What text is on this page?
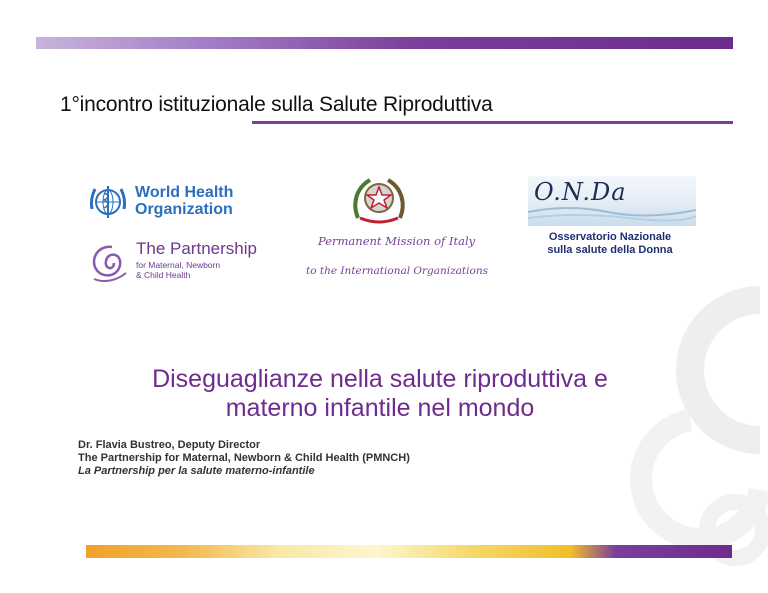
1°incontro istituzionale sulla Salute Riproduttiva
World Health
Organization
The Partnership
for Maternal, Newborn
& Child Health
Permanent Mission of Italy
to the International Organizations
O.N.Da
Osservatorio Nazionale
sulla salute della Donna
Diseguaglianze nella salute riproduttiva e
materno infantile nel mondo
Dr. Flavia Bustreo, Deputy Director
The Partnership for Maternal, Newborn & Child Health (PMNCH)
La Partnership per la salute materno-infantile
